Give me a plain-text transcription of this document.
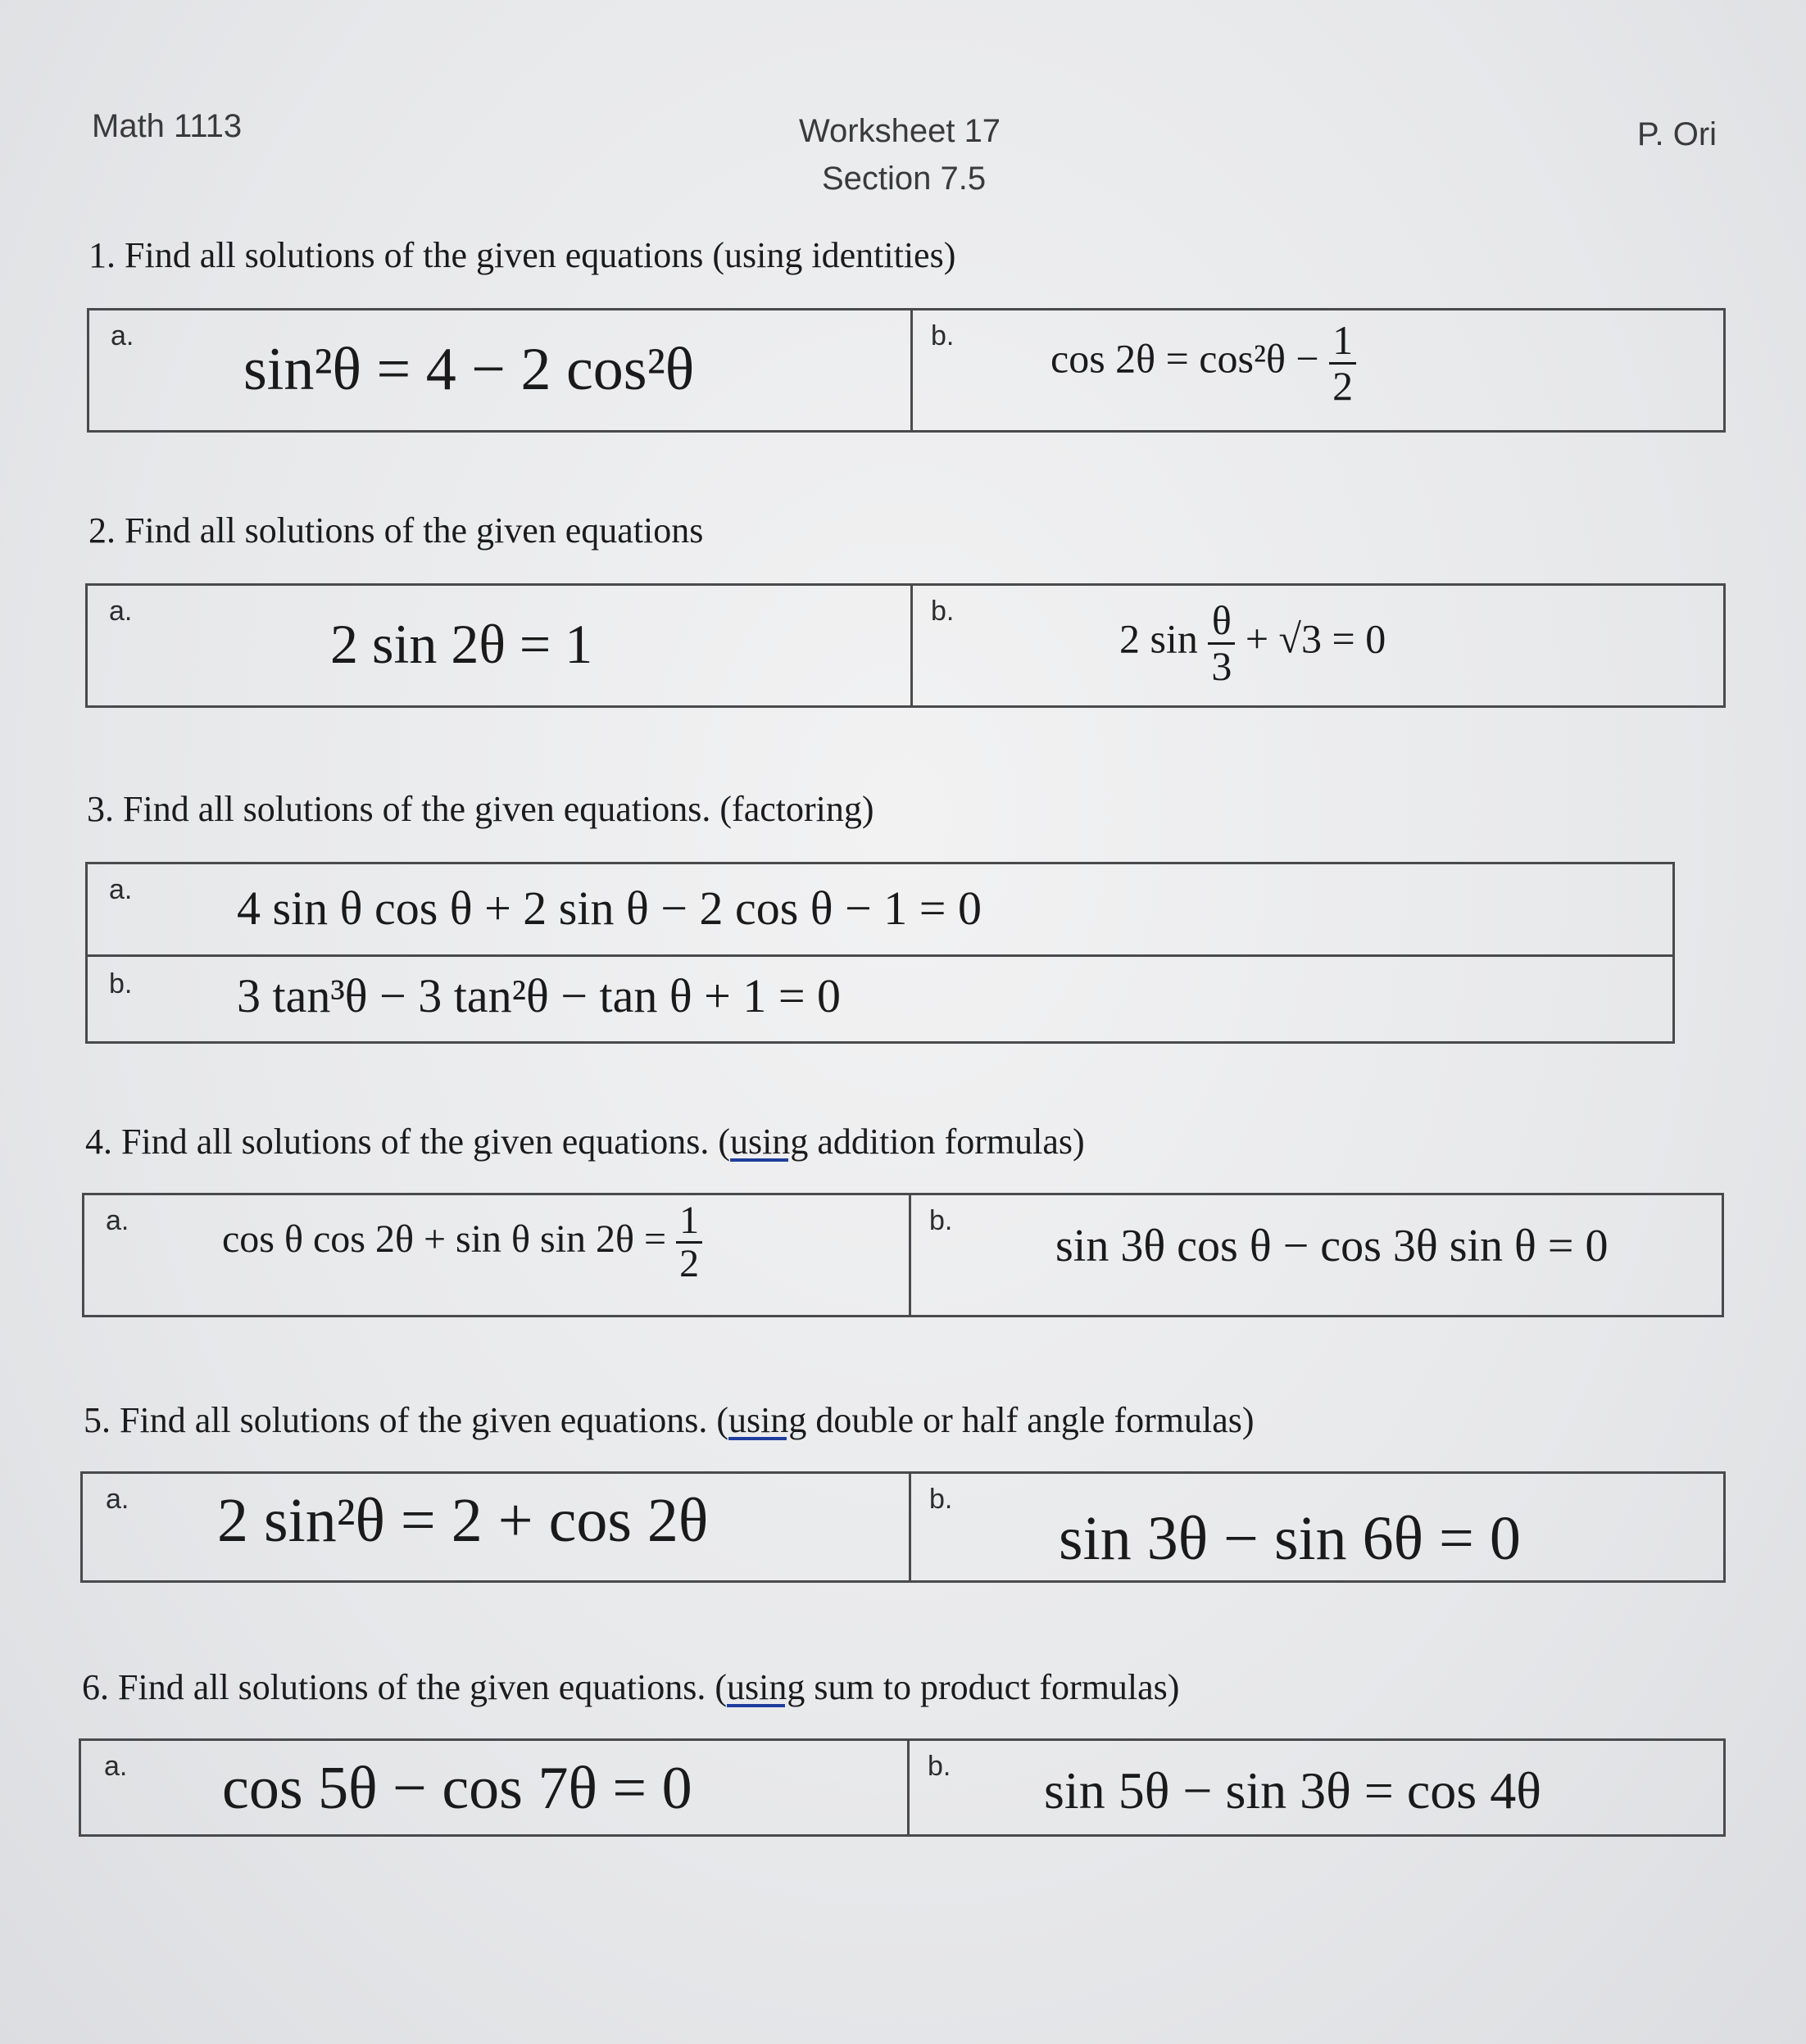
Math 1113	Worksheet 17
Section 7.5
P. Ori
1. Find all solutions of the given equations (using identities)
a. sin²θ = 4 − 2 cos²θ	b. $\cos 2\theta = \cos^2\theta - \frac{1}{2}$
2. Find all solutions of the given equations
a.
2 sin 2θ = 1
b.
2 $\sin \frac{\theta}{3} + √3 = 0$
3. Find all solutions of the given equations. (factoring)
a. 4 sin θ cos θ + 2 sin θ − 2 cos θ − 1 = 0
b. 3 tan³θ − 3 tan²θ − tan θ + 1 = 0
4. Find all solutions of the given equations. (using addition formulas)
a. cos θ cos 2θ + sin θ $\sin 2\theta = \frac{1}{2}$	b. sin 3θ cos θ − cos 3θ sin θ = 0
5. Find all solutions of the given equations. (using double or half angle formulas)
a. 2 sin²θ = 2 + cos 2θ	b.
sin 3θ − sin 6θ = 0
6. Find all solutions of the given equations. (using sum to product formulas)
a. cos 5θ − cos 7θ = 0	b. sin 5θ − sin 3θ = cos 4θ
